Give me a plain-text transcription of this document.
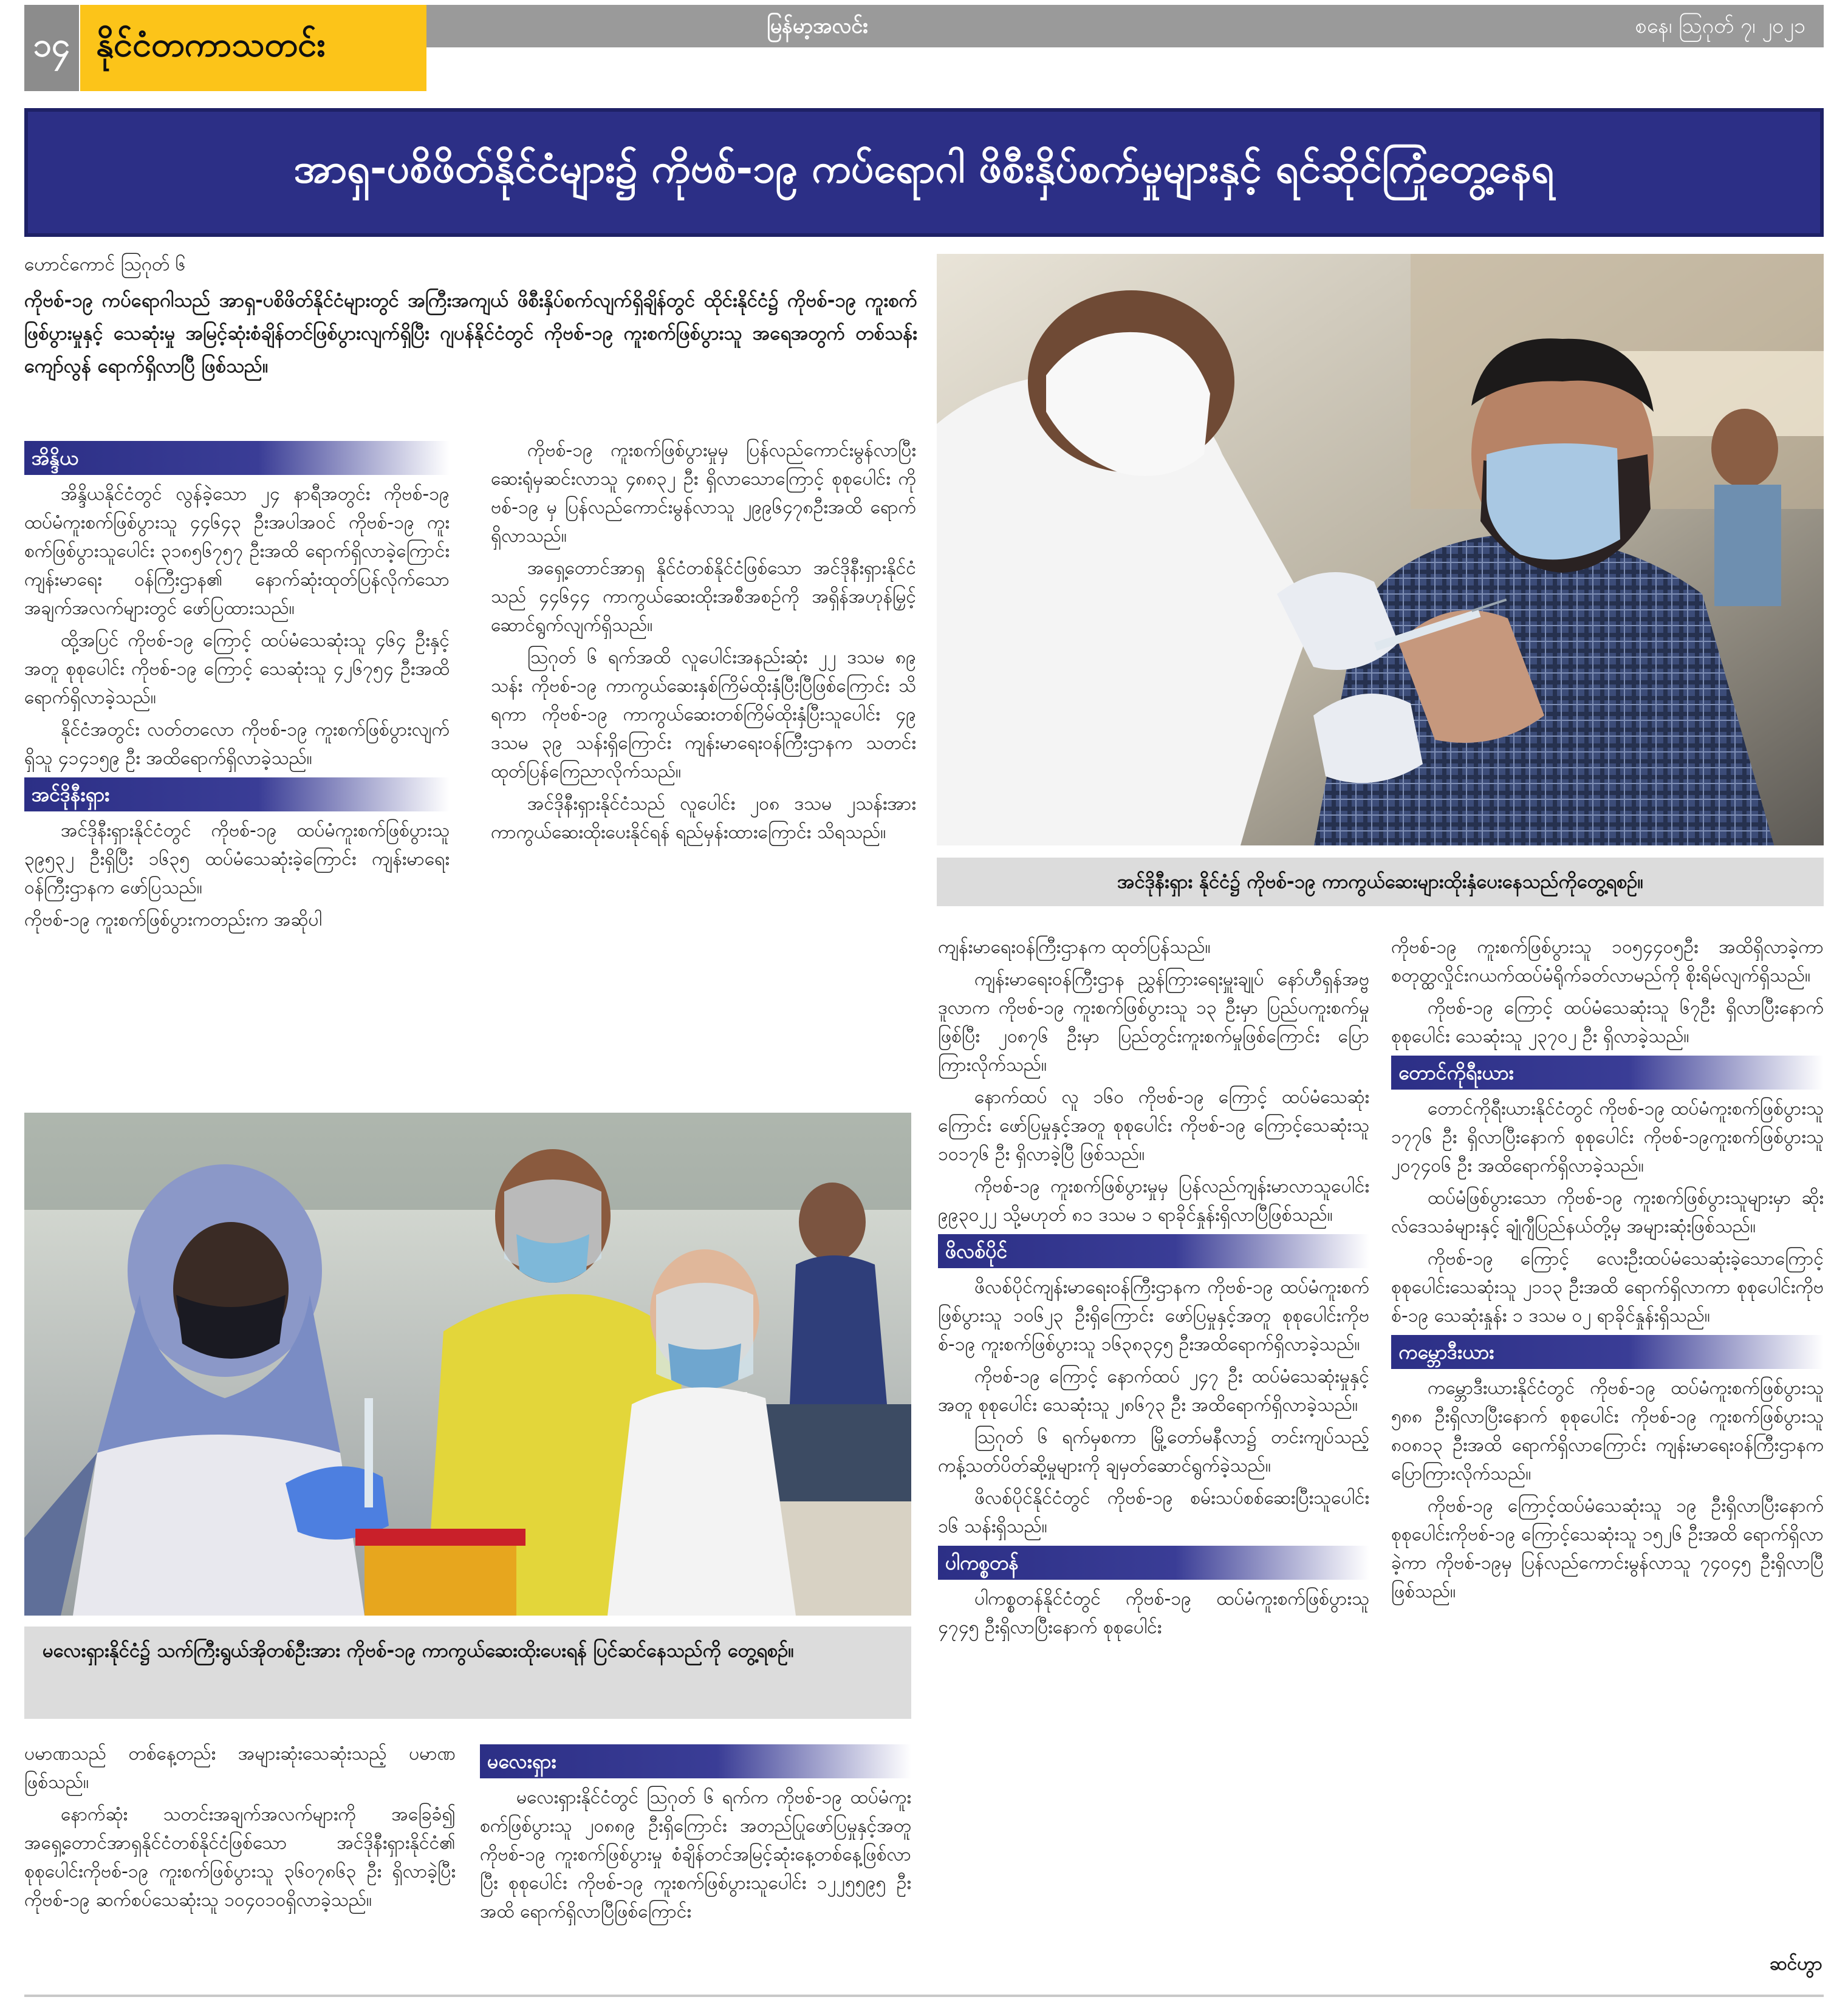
၁၄ နိုင်ငံတကာသတင်း	မြန်မာ့အလင်း	စနေ၊ ဩဂုတ် ၇၊ ၂၀၂၁
အာရှ-ပစိဖိတ်နိုင်ငံများ၌ ကိုဗစ်-၁၉ ကပ်ရောဂါ ဖိစီးနှိပ်စက်မှုများနှင့် ရင်ဆိုင်ကြုံတွေ့နေရ
ဟောင်ကောင် ဩဂုတ် ၆
ကိုဗစ်-၁၉ ကပ်ရောဂါသည် အာရှ-ပစိဖိတ်နိုင်ငံများတွင် အကြီးအကျယ် ဖိစီးနှိပ်စက်လျက်ရှိချိန်တွင် ထိုင်းနိုင်ငံ၌ ကိုဗစ်-၁၉ ကူးစက်ဖြစ်ပွားမှုနှင့် သေဆုံးမှု အမြင့်ဆုံးစံချိန်တင်ဖြစ်ပွားလျက်ရှိပြီး ဂျပန်နိုင်ငံတွင် ကိုဗစ်-၁၉ ကူးစက်ဖြစ်ပွားသူ အရေအတွက် တစ်သန်းကျော်လွန် ရောက်ရှိလာပြီ ဖြစ်သည်။
အိန္ဒိယ

အိန္ဒိယနိုင်ငံတွင် လွန်ခဲ့သော ၂၄ နာရီအတွင်း ကိုဗစ်-၁၉ ထပ်မံကူးစက်ဖြစ်ပွားသူ ၄၄၆၄၃ ဦးအပါအဝင် ကိုဗစ်-၁၉ ကူးစက်ဖြစ်ပွားသူပေါင်း ၃၁၈၅၆၇၅၇ ဦးအထိ ရောက်ရှိလာခဲ့ကြောင်း ကျန်းမာရေး ဝန်ကြီးဌာန၏ နောက်ဆုံးထုတ်ပြန်လိုက်သော အချက်အလက်များတွင် ဖော်ပြထားသည်။

ထို့အပြင် ကိုဗစ်-၁၉ ကြောင့် ထပ်မံသေဆုံးသူ ၄၆၄ ဦးနှင့်အတူ စုစုပေါင်း ကိုဗစ်-၁၉ ကြောင့် သေဆုံးသူ ၄၂၆၇၅၄ ဦးအထိရောက်ရှိလာခဲ့သည်။

နိုင်ငံအတွင်း လတ်တလော ကိုဗစ်-၁၉ ကူးစက်ဖြစ်ပွားလျက်ရှိသူ ၄၁၄၁၅၉ ဦး အထိရောက်ရှိလာခဲ့သည်။

အင်ဒိုနီးရှား

အင်ဒိုနီးရှားနိုင်ငံတွင် ကိုဗစ်-၁၉ ထပ်မံကူးစက်ဖြစ်ပွားသူ ၃၉၅၃၂ ဦးရှိပြီး ၁၆၃၅ ထပ်မံသေဆုံးခဲ့ကြောင်း ကျန်းမာရေးဝန်ကြီးဌာနက ဖော်ပြသည်။

ကိုဗစ်-၁၉ ကူးစက်ဖြစ်ပွားကတည်းက အဆိုပါ

ကိုဗစ်-၁၉ ကူးစက်ဖြစ်ပွားမှုမှ ပြန်လည်ကောင်းမွန်လာပြီး ဆေးရုံမှဆင်းလာသူ ၄၈၈၃၂ ဦး ရှိလာသောကြောင့် စုစုပေါင်း ကိုဗစ်-၁၉ မှ ပြန်လည်ကောင်းမွန်လာသူ ၂၉၉၆၄၇၈ဦးအထိ ရောက်ရှိလာသည်။

အရှေ့တောင်အာရှ နိုင်ငံတစ်နိုင်ငံဖြစ်သော အင်ဒိုနီးရှားနိုင်ငံသည် ၄၄၆၄၄ ကာကွယ်ဆေးထိုးအစီအစဉ်ကို အရှိန်အဟုန်မြှင့်ဆောင်ရွက်လျက်ရှိသည်။

ဩဂုတ် ၆ ရက်အထိ လူပေါင်းအနည်းဆုံး ၂၂ ဒသမ ၈၉ သန်း ကိုဗစ်-၁၉ ကာကွယ်ဆေးနှစ်ကြိမ်ထိုးနှံပြီးပြီဖြစ်ကြောင်း သိရကာ ကိုဗစ်-၁၉ ကာကွယ်ဆေးတစ်ကြိမ်ထိုးနှံပြီးသူပေါင်း ၄၉ ဒသမ ၃၉ သန်းရှိကြောင်း ကျန်းမာရေးဝန်ကြီးဌာနက သတင်းထုတ်ပြန်ကြေညာလိုက်သည်။

အင်ဒိုနီးရှားနိုင်ငံသည် လူပေါင်း ၂၀၈ ဒသမ ၂သန်းအား ကာကွယ်ဆေးထိုးပေးနိုင်ရန် ရည်မှန်းထားကြောင်း သိရသည်။

ကျန်းမာရေးဝန်ကြီးဌာနက ထုတ်ပြန်သည်။

ကျန်းမာရေးဝန်ကြီးဌာန ညွှန်ကြားရေးမှူးချုပ် နော်ဟီရှန်အဗ္ဗဒူလာက ကိုဗစ်-၁၉ ကူးစက်ဖြစ်ပွားသူ ၁၃ ဦးမှာ ပြည်ပကူးစက်မှုဖြစ်ပြီး ၂၀၈၇၆ ဦးမှာ ပြည်တွင်းကူးစက်မှုဖြစ်ကြောင်း ပြောကြားလိုက်သည်။

နောက်ထပ် လူ ၁၆၀ ကိုဗစ်-၁၉ ကြောင့် ထပ်မံသေဆုံးကြောင်း ဖော်ပြမှုနှင့်အတူ စုစုပေါင်း ကိုဗစ်-၁၉ ကြောင့်သေဆုံးသူ ၁၀၁၇၆ ဦး ရှိလာခဲ့ပြီ ဖြစ်သည်။

ကိုဗစ်-၁၉ ကူးစက်ဖြစ်ပွားမှုမှ ပြန်လည်ကျန်းမာလာသူပေါင်း ၉၉၃၀၂၂ သို့မဟုတ် ၈၁ ဒသမ ၁ ရာခိုင်နှုန်းရှိလာပြီဖြစ်သည်။

ဖိလစ်ပိုင်

ဖိလစ်ပိုင်ကျန်းမာရေးဝန်ကြီးဌာနက ကိုဗစ်-၁၉ ထပ်မံကူးစက်ဖြစ်ပွားသူ ၁၀၆၂၃ ဦးရှိကြောင်း ဖော်ပြမှုနှင့်အတူ စုစုပေါင်းကိုဗစ်-၁၉ ကူးစက်ဖြစ်ပွားသူ ၁၆၃၈၃၄၅ ဦးအထိရောက်ရှိလာခဲ့သည်။

ကိုဗစ်-၁၉ ကြောင့် နောက်ထပ် ၂၄၇ ဦး ထပ်မံသေဆုံးမှုနှင့်အတူ စုစုပေါင်း သေဆုံးသူ ၂၈၆၇၃ ဦး အထိရောက်ရှိလာခဲ့သည်။

ဩဂုတ် ၆ ရက်မှစကာ မြို့တော်မနီလာ၌ တင်းကျပ်သည့် ကန့်သတ်ပိတ်ဆို့မှုများကို ချမှတ်ဆောင်ရွက်ခဲ့သည်။

ဖိလစ်ပိုင်နိုင်ငံတွင် ကိုဗစ်-၁၉ စမ်းသပ်စစ်ဆေးပြီးသူပေါင်း ၁၆ သန်းရှိသည်။

ပါကစ္စတန်

ပါကစ္စတန်နိုင်ငံတွင် ကိုဗစ်-၁၉ ထပ်မံကူးစက်ဖြစ်ပွားသူ ၄၇၄၅ ဦးရှိလာပြီးနောက် စုစုပေါင်း

ကိုဗစ်-၁၉ ကူးစက်ဖြစ်ပွားသူ ၁၀၅၄၄၀၅ဦး အထိရှိလာခဲ့ကာ စတုတ္ထလှိုင်းဂယက်ထပ်မံရိုက်ခတ်လာမည်ကို စိုးရိမ်လျက်ရှိသည်။

ကိုဗစ်-၁၉ ကြောင့် ထပ်မံသေဆုံးသူ ၆၇ဦး ရှိလာပြီးနောက် စုစုပေါင်း သေဆုံးသူ ၂၃၇၀၂ ဦး ရှိလာခဲ့သည်။

တောင်ကိုရီးယား

တောင်ကိုရီးယားနိုင်ငံတွင် ကိုဗစ်-၁၉ ထပ်မံကူးစက်ဖြစ်ပွားသူ ၁၇၇၆ ဦး ရှိလာပြီးနောက် စုစုပေါင်း ကိုဗစ်-၁၉ကူးစက်ဖြစ်ပွားသူ ၂၀၇၄၀၆ ဦး အထိရောက်ရှိလာခဲ့သည်။

ထပ်မံဖြစ်ပွားသော ကိုဗစ်-၁၉ ကူးစက်ဖြစ်ပွားသူများမှာ ဆိုးလ်ဒေသခံများနှင့် ချုံဂျီပြည်နယ်တို့မှ အများဆုံးဖြစ်သည်။

ကိုဗစ်-၁၉ ကြောင့် လေးဦးထပ်မံသေဆုံးခဲ့သောကြောင့် စုစုပေါင်းသေဆုံးသူ ၂၁၁၃ ဦးအထိ ရောက်ရှိလာကာ စုစုပေါင်းကိုဗစ်-၁၉ သေဆုံးနှုန်း ၁ ဒသမ ၀၂ ရာခိုင်နှုန်းရှိသည်။

ကမ္ဘောဒီးယား

ကမ္ဘောဒီးယားနိုင်ငံတွင် ကိုဗစ်-၁၉ ထပ်မံကူးစက်ဖြစ်ပွားသူ ၅၈၈ ဦးရှိလာပြီးနောက် စုစုပေါင်း ကိုဗစ်-၁၉ ကူးစက်ဖြစ်ပွားသူ ၈၀၈၁၃ ဦးအထိ ရောက်ရှိလာကြောင်း ကျန်းမာရေးဝန်ကြီးဌာနက ပြောကြားလိုက်သည်။

ကိုဗစ်-၁၉ ကြောင့်ထပ်မံသေဆုံးသူ ၁၉ ဦးရှိလာပြီးနောက် စုစုပေါင်းကိုဗစ်-၁၉ ကြောင့်သေဆုံးသူ ၁၅၂၆ ဦးအထိ ရောက်ရှိလာခဲ့ကာ ကိုဗစ်-၁၉မှ ပြန်လည်ကောင်းမွန်လာသူ ၇၄၀၄၅ ဦးရှိလာပြီ ဖြစ်သည်။

ပမာဏသည် တစ်နေ့တည်း အများဆုံးသေဆုံးသည့် ပမာဏဖြစ်သည်။

နောက်ဆုံး သတင်းအချက်အလက်များကို အခြေခံ၍ အရှေ့တောင်အာရှနိုင်ငံတစ်နိုင်ငံဖြစ်သော အင်ဒိုနီးရှားနိုင်ငံ၏ စုစုပေါင်းကိုဗစ်-၁၉ ကူးစက်ဖြစ်ပွားသူ ၃၆၀၇၈၆၃ ဦး ရှိလာခဲ့ပြီး ကိုဗစ်-၁၉ ဆက်စပ်သေဆုံးသူ ၁၀၄၀၁၀ရှိလာခဲ့သည်။

မလေးရှား

မလေးရှားနိုင်ငံတွင် ဩဂုတ် ၆ ရက်က ကိုဗစ်-၁၉ ထပ်မံကူးစက်ဖြစ်ပွားသူ ၂၀၈၈၉ ဦးရှိကြောင်း အတည်ပြုဖော်ပြမှုနှင့်အတူ ကိုဗစ်-၁၉ ကူးစက်ဖြစ်ပွားမှု စံချိန်တင်အမြင့်ဆုံးနေ့တစ်နေ့ဖြစ်လာပြီး စုစုပေါင်း ကိုဗစ်-၁၉ ကူးစက်ဖြစ်ပွားသူပေါင်း ၁၂၂၅၅၉၅ ဦးအထိ ရောက်ရှိလာပြီဖြစ်ကြောင်း

အင်ဒိုနီးရှား နိုင်ငံ၌ ကိုဗစ်-၁၉ ကာကွယ်ဆေးများထိုးနှံပေးနေသည်ကိုတွေ့ရစဉ်။
မလေးရှားနိုင်ငံ၌ သက်ကြီးရွယ်အိုတစ်ဦးအား ကိုဗစ်-၁၉ ကာကွယ်ဆေးထိုးပေးရန် ပြင်ဆင်နေသည်ကို တွေ့ရစဉ်။
ဆင်ဟွာ
